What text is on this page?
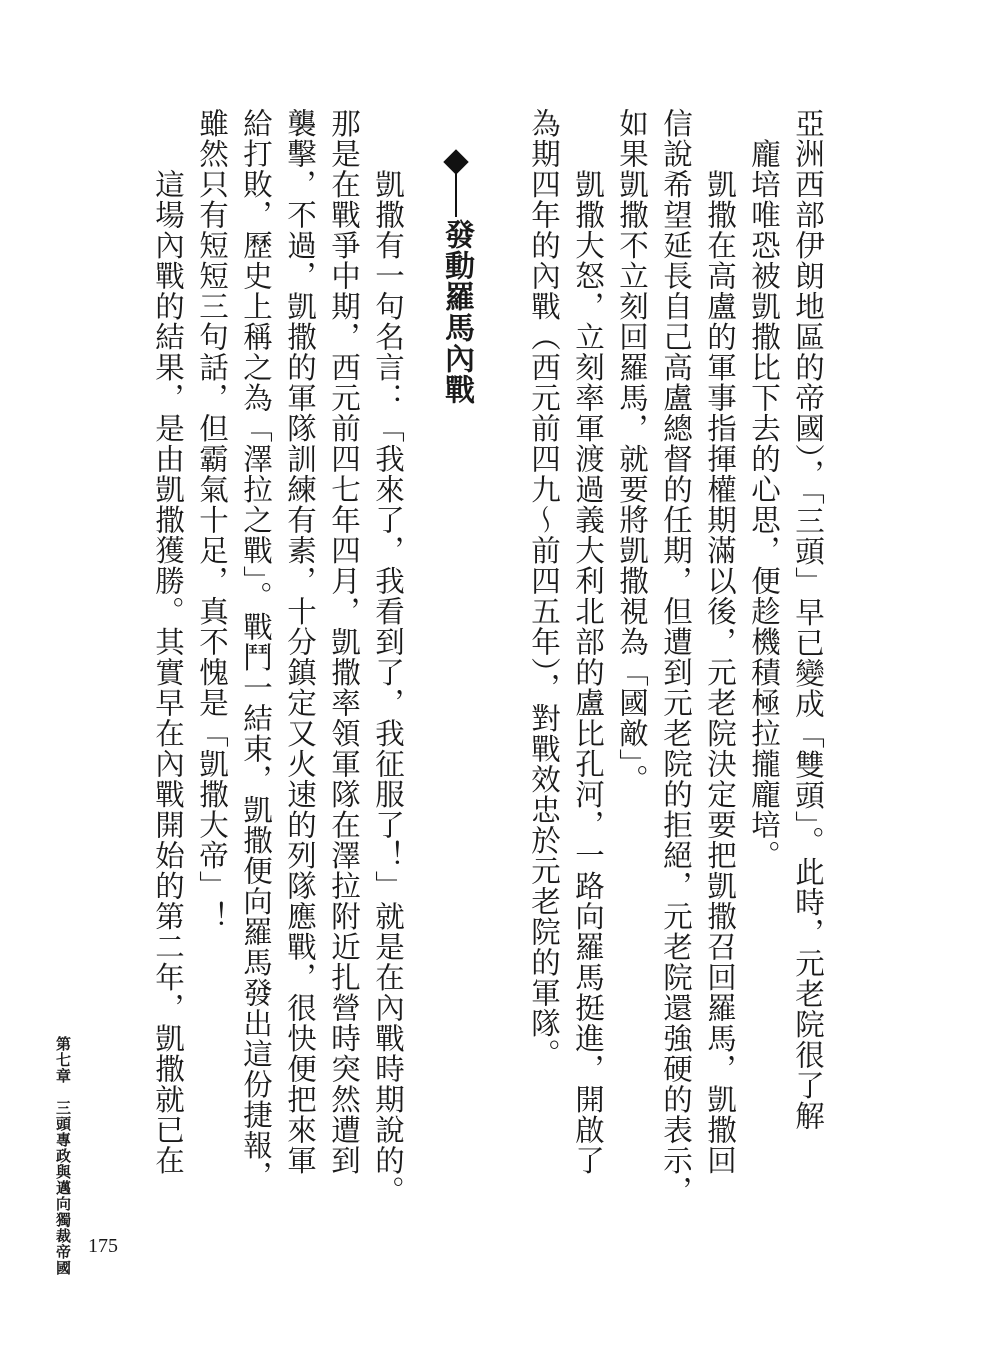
亞洲西部伊朗地區的帝國），「三頭」早已變成「雙頭」。此時，元老院很了解
　龐培唯恐被凱撒比下去的心思，便趁機積極拉攏龐培。
　　凱撒在高盧的軍事指揮權期滿以後，元老院決定要把凱撒召回羅馬，凱撒回
信說希望延長自己高盧總督的任期，但遭到元老院的拒絕，元老院還強硬的表示，
如果凱撒不立刻回羅馬，就要將凱撒視為「國敵」。
　　凱撒大怒，立刻率軍渡過義大利北部的盧比孔河，一路向羅馬挺進，開啟了
為期四年的內戰（西元前四九～前四五年），對戰效忠於元老院的軍隊。
發動羅馬內戰
　　凱撒有一句名言：「我來了，我看到了，我征服了！」就是在內戰時期說的。
那是在戰爭中期，西元前四七年四月，凱撒率領軍隊在澤拉附近扎營時突然遭到
襲擊，不過，凱撒的軍隊訓練有素，十分鎮定又火速的列隊應戰，很快便把來軍
給打敗，歷史上稱之為「澤拉之戰」。戰鬥一結束，凱撒便向羅馬發出這份捷報，
雖然只有短短三句話，但霸氣十足，真不愧是「凱撒大帝」！
　　這場內戰的結果，是由凱撒獲勝。其實早在內戰開始的第二年，凱撒就已在
第七章　三頭專政與邁向獨裁帝國 175
